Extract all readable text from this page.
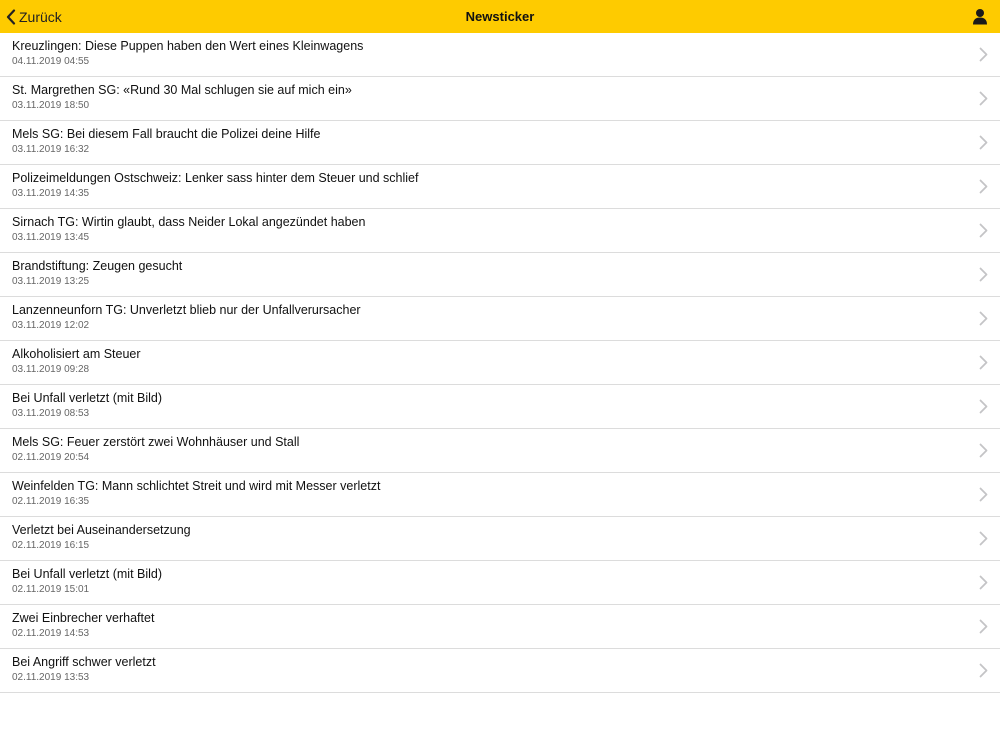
Zurück	Newsticker
Kreuzlingen: Diese Puppen haben den Wert eines Kleinwagens
04.11.2019 04:55
St. Margrethen SG: «Rund 30 Mal schlugen sie auf mich ein»
03.11.2019 18:50
Mels SG: Bei diesem Fall braucht die Polizei deine Hilfe
03.11.2019 16:32
Polizeimeldungen Ostschweiz: Lenker sass hinter dem Steuer und schlief
03.11.2019 14:35
Sirnach TG: Wirtin glaubt, dass Neider Lokal angezündet haben
03.11.2019 13:45
Brandstiftung: Zeugen gesucht
03.11.2019 13:25
Lanzenneunforn TG: Unverletzt blieb nur der Unfallverursacher
03.11.2019 12:02
Alkoholisiert am Steuer
03.11.2019 09:28
Bei Unfall verletzt (mit Bild)
03.11.2019 08:53
Mels SG: Feuer zerstört zwei Wohnhäuser und Stall
02.11.2019 20:54
Weinfelden TG: Mann schlichtet Streit und wird mit Messer verletzt
02.11.2019 16:35
Verletzt bei Auseinandersetzung
02.11.2019 16:15
Bei Unfall verletzt (mit Bild)
02.11.2019 15:01
Zwei Einbrecher verhaftet
02.11.2019 14:53
Bei Angriff schwer verletzt
02.11.2019 13:53
